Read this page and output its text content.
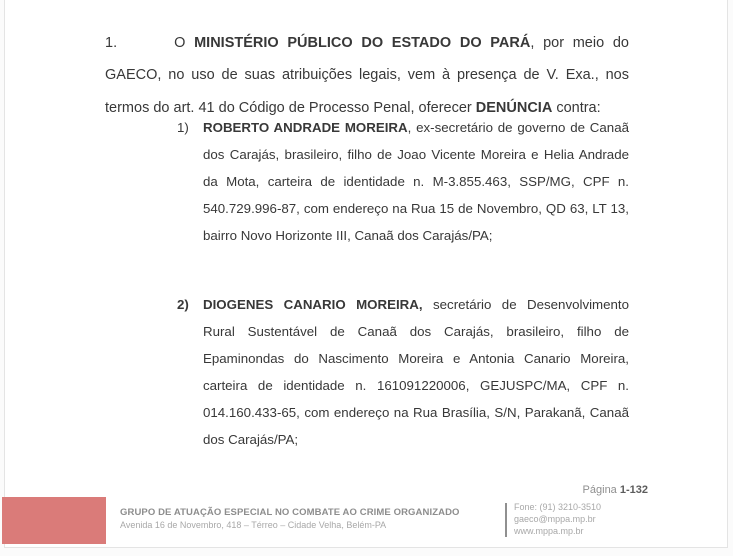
1.	O MINISTÉRIO PÚBLICO DO ESTADO DO PARÁ, por meio do GAECO, no uso de suas atribuições legais, vem à presença de V. Exa., nos termos do art. 41 do Código de Processo Penal, oferecer DENÚNCIA contra:

1) ROBERTO ANDRADE MOREIRA, ex-secretário de governo de Canaã dos Carajás, brasileiro, filho de Joao Vicente Moreira e Helia Andrade da Mota, carteira de identidade n. M-3.855.463, SSP/MG, CPF n. 540.729.996-87, com endereço na Rua 15 de Novembro, QD 63, LT 13, bairro Novo Horizonte III, Canaã dos Carajás/PA;
2) DIOGENES CANARIO MOREIRA, secretário de Desenvolvimento Rural Sustentável de Canaã dos Carajás, brasileiro, filho de Epaminondas do Nascimento Moreira e Antonia Canario Moreira, carteira de identidade n. 161091220006, GEJUSPC/MA, CPF n. 014.160.433-65, com endereço na Rua Brasília, S/N, Parakanã, Canaã dos Carajás/PA;
Página 1-132
GRUPO DE ATUAÇÃO ESPECIAL NO COMBATE AO CRIME ORGANIZADO
Avenida 16 de Novembro, 418 – Térreo – Cidade Velha, Belém-PA
Fone: (91) 3210-3510
gaeco@mppa.mp.br
www.mppa.mp.br
